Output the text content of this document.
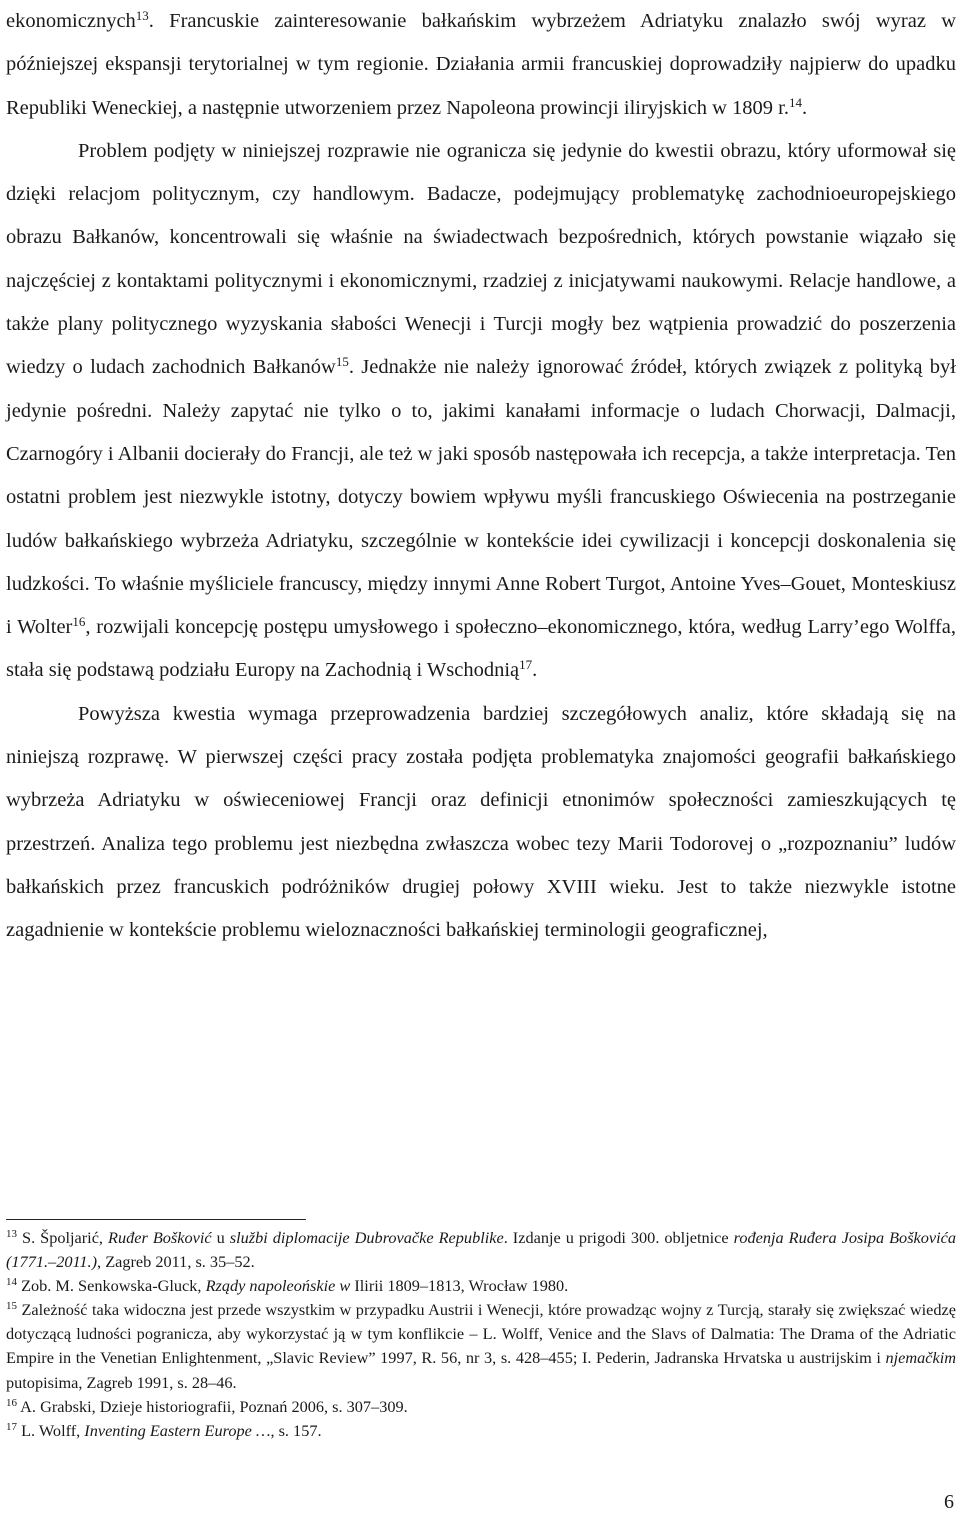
ekonomicznych$^{13}$. Francuskie zainteresowanie bałkańskim wybrzeżem Adriatyku znalazło swój wyraz w późniejszej ekspansji terytorialnej w tym regionie. Działania armii francuskiej doprowadziły najpierw do upadku Republiki Weneckiej, a następnie utworzeniem przez Napoleona prowincji iliryjskich w 1809 r.$^{14}$.

Problem podjęty w niniejszej rozprawie nie ogranicza się jedynie do kwestii obrazu, który uformował się dzięki relacjom politycznym, czy handlowym. Badacze, podejmujący problematykę zachodnioeuropejskiego obrazu Bałkanów, koncentrowali się właśnie na świadectwach bezpośrednich, których powstanie wiązało się najczęściej z kontaktami politycznymi i ekonomicznymi, rzadziej z inicjatywami naukowymi. Relacje handlowe, a także plany politycznego wyzyskania słabości Wenecji i Turcji mogły bez wątpienia prowadzić do poszerzenia wiedzy o ludach zachodnich Bałkanów$^{15}$. Jednakże nie należy ignorować źródeł, których związek z polityką był jedynie pośredni. Należy zapytać nie tylko o to, jakimi kanałami informacje o ludach Chorwacji, Dalmacji, Czarnogóry i Albanii docierały do Francji, ale też w jaki sposób następowała ich recepcja, a także interpretacja. Ten ostatni problem jest niezwykle istotny, dotyczy bowiem wpływu myśli francuskiego Oświecenia na postrzeganie ludów bałkańskiego wybrzeża Adriatyku, szczególnie w kontekście idei cywilizacji i koncepcji doskonalenia się ludzkości. To właśnie myśliciele francuscy, między innymi Anne Robert Turgot, Antoine Yves–Gouet, Monteskiusz i Wolter$^{16}$, rozwijali koncepcję postępu umysłowego i społeczno–ekonomicznego, która, według Larry’ego Wolffa, stała się podstawą podziału Europy na Zachodnią i Wschodnią$^{17}$.

Powyższa kwestia wymaga przeprowadzenia bardziej szczegółowych analiz, które składają się na niniejszą rozprawę. W pierwszej części pracy została podjęta problematyka znajomości geografii bałkańskiego wybrzeża Adriatyku w oświeceniowej Francji oraz definicji etnonimów społeczności zamieszkujących tę przestrzeń. Analiza tego problemu jest niezbędna zwłaszcza wobec tezy Marii Todorovej o „rozpoznaniu” ludów bałkańskich przez francuskich podróżników drugiej połowy XVIII wieku. Jest to także niezwykle istotne zagadnienie w kontekście problemu wieloznaczności bałkańskiej terminologii geograficznej,

$^{13}$ S. Špoljarić, Ruđer Bošković u službi diplomacije Dubrovačke Republike. Izdanje u prigodi 300. obljetnice rođenja Ruđera Josipa Boškovića (1771.–2011.), Zagreb 2011, s. 35–52.

$^{14}$ Zob. M. Senkowska-Gluck, Rządy napoleońskie w Ilirii 1809–1813, Wrocław 1980.

$^{15}$ Zależność taka widoczna jest przede wszystkim w przypadku Austrii i Wenecji, które prowadząc wojny z Turcją, starały się zwiększać wiedzę dotyczącą ludności pogranicza, aby wykorzystać ją w tym konflikcie – L. Wolff, Venice and the Slavs of Dalmatia: The Drama of the Adriatic Empire in the Venetian Enlightenment, „Slavic Review” 1997, R. 56, nr 3, s. 428–455; I. Pederin, Jadranska Hrvatska u austrijskim i njemačkim putopisima, Zagreb 1991, s. 28–46.

$^{16}$ A. Grabski, Dzieje historiografii, Poznań 2006, s. 307–309.

$^{17}$ L. Wolff, Inventing Eastern Europe …, s. 157.

6
